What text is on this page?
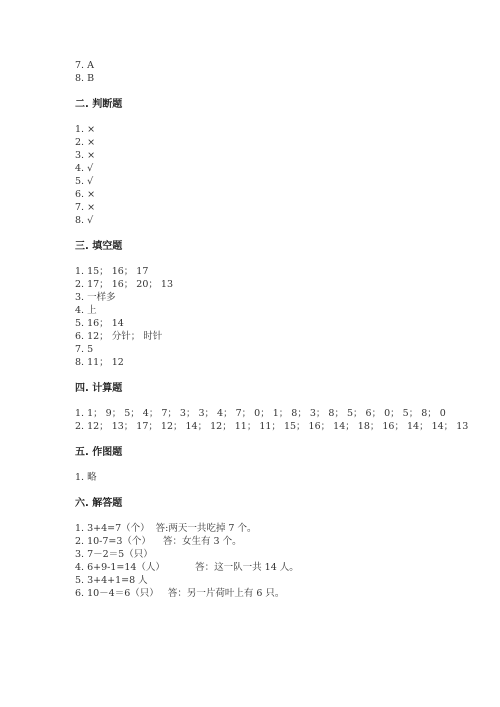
7. A
8. B
二. 判断题
1. ×
2. ×
3. ×
4. √
5. √
6. ×
7. ×
8. √
三. 填空题
1. 15； 16； 17
2. 17； 16； 20； 13
3. 一样多
4. 上
5. 16； 14
6. 12； 分针； 时针
7. 5
8. 11； 12
四. 计算题
1. 1； 9； 5； 4； 7； 3； 3； 4； 7； 0； 1； 8； 3； 8； 5； 6； 0； 5； 8； 0
2. 12； 13； 17； 12； 14； 12； 11； 11； 15； 16； 14； 18； 16； 14； 14； 13
五. 作图题
1. 略
六. 解答题
1. 3+4=7（个）  答:两天一共吃掉 7 个。
2. 10-7=3（个）    答：女生有 3 个。
3. 7－2＝5（只）
4. 6+9-1=14（人）          答：这一队一共 14 人。
5. 3+4+1=8 人
6. 10－4＝6（只）   答：另一片荷叶上有 6 只。
